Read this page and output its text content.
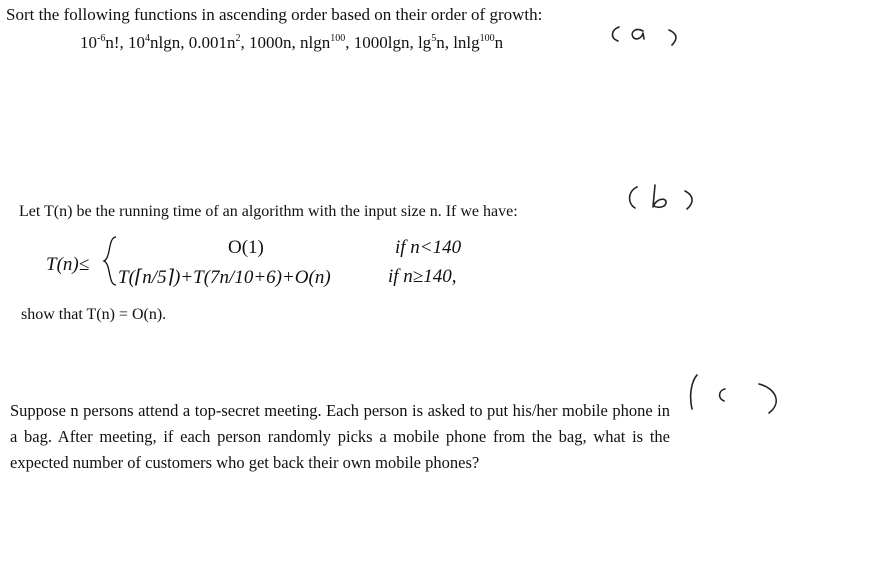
Sort the following functions in ascending order based on their order of growth:
$10^{-6}n$!, $10^4nlgn$, $0.001n^2$, 1000n, nlgn$^{100}$, 1000lgn, $\lg^5n$, lnlg$^{100}$n
Let T(n) be the running time of an algorithm with the input size n. If we have:
T(n)≤
O(1)	if n<140
T(⌈n/5⌉)+T(7n/10+6)+O(n)	if n≥140,
show that T(n) = O(n).
Suppose n persons attend a top-secret meeting. Each person is asked to put his/her mobile phone in a bag. After meeting, if each person randomly picks a mobile phone from the bag, what is the expected number of customers who get back their own mobile phones?
